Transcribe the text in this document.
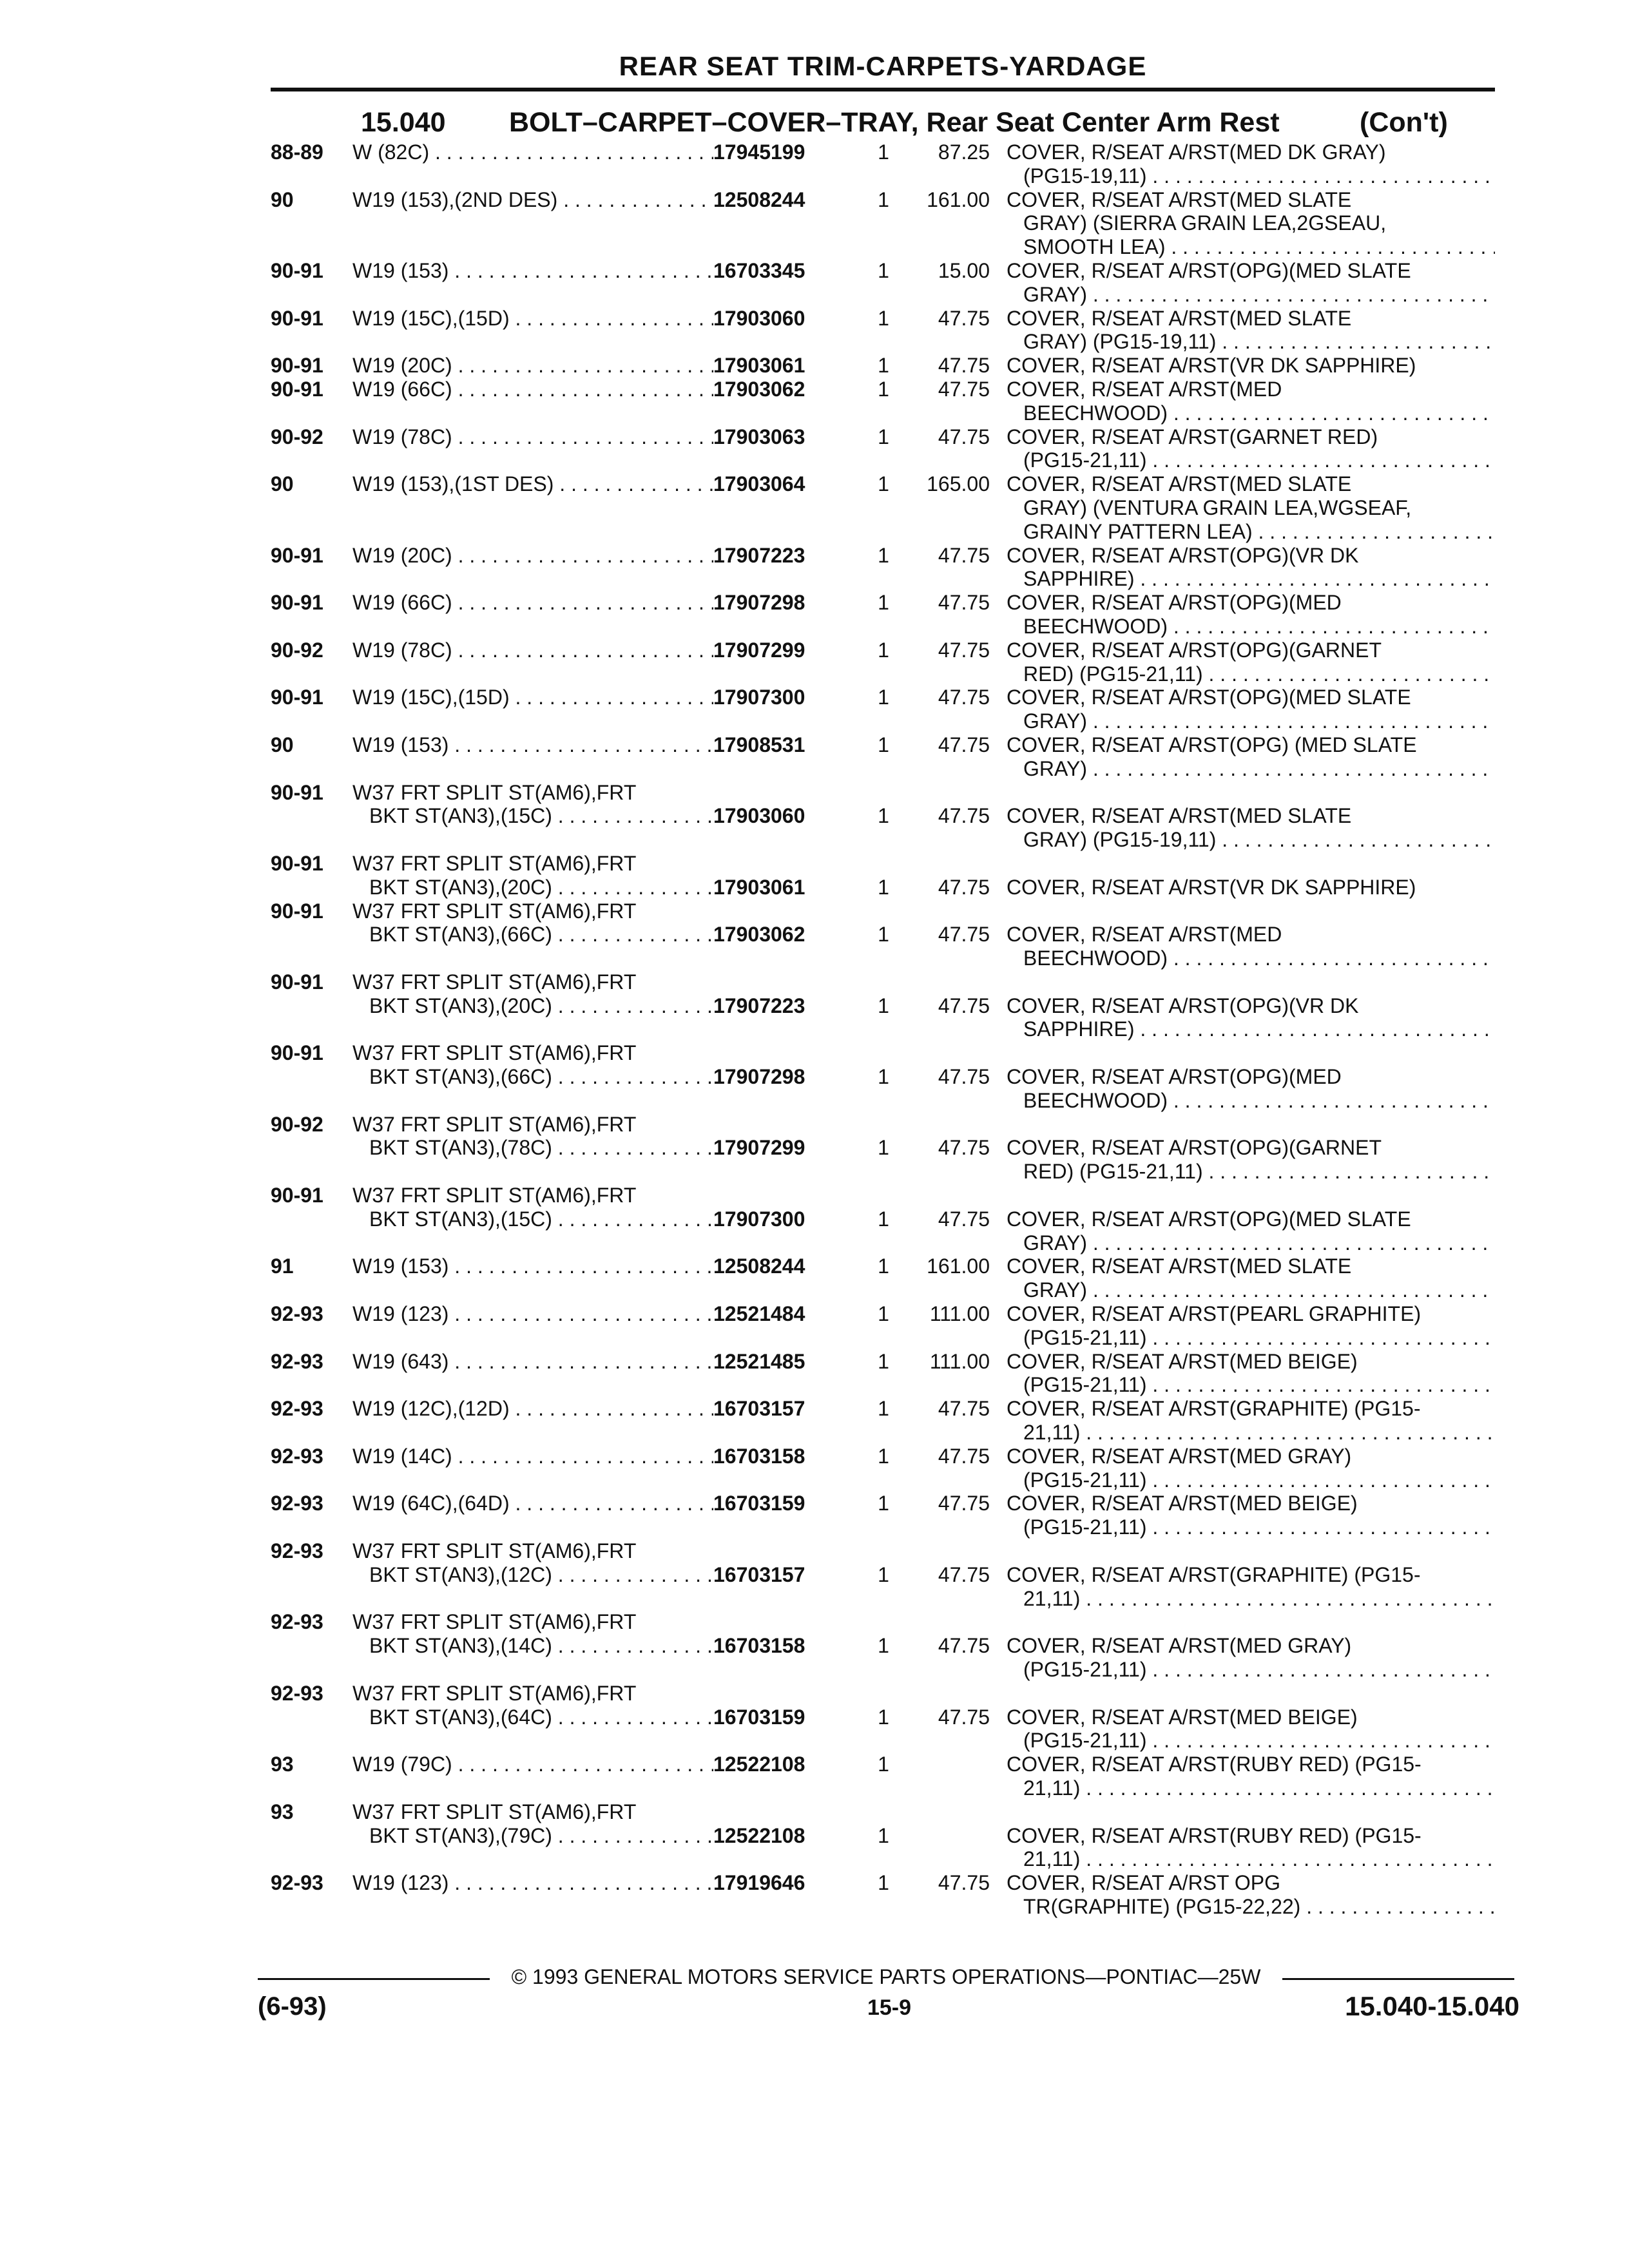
REAR SEAT TRIM-CARPETS-YARDAGE
15.040 BOLT–CARPET–COVER–TRAY, Rear Seat Center Arm Rest	(Con't)
88-89	W (82C) . . .	17945199	1	87.25 COVER, R/SEAT A/RST(MED DK GRAY)
(PG15-19,11) . . .
90	W19 (153),(2ND DES) . . .	12508244	1	161.00 COVER, R/SEAT A/RST(MED SLATE
GRAY) (SIERRA GRAIN LEA,2GSEAU,
SMOOTH LEA) . . .
90-91	W19 (153) . . .	16703345	1	15.00 COVER, R/SEAT A/RST(OPG)(MED SLATE
GRAY) . . .
90-91	W19 (15C),(15D) . . .	17903060	1	47.75 COVER, R/SEAT A/RST(MED SLATE
GRAY) (PG15-19,11) . . .
90-91	W19 (20C) . . .	17903061	1	47.75 COVER, R/SEAT A/RST(VR DK SAPPHIRE)
90-91	W19 (66C) . . .	17903062	1	47.75 COVER, R/SEAT A/RST(MED
BEECHWOOD) . . .
90-92	W19 (78C) . . .	17903063	1	47.75 COVER, R/SEAT A/RST(GARNET RED)
(PG15-21,11) . . .
90	W19 (153),(1ST DES) . . .	17903064	1	165.00 COVER, R/SEAT A/RST(MED SLATE
GRAY) (VENTURA GRAIN LEA,WGSEAF,
GRAINY PATTERN LEA) . . .
90-91	W19 (20C) . . .	17907223	1	47.75 COVER, R/SEAT A/RST(OPG)(VR DK
SAPPHIRE) . . .
90-91	W19 (66C) . . .	17907298	1	47.75 COVER, R/SEAT A/RST(OPG)(MED
BEECHWOOD) . . .
90-92	W19 (78C) . . .	17907299	1	47.75 COVER, R/SEAT A/RST(OPG)(GARNET
RED) (PG15-21,11) . . .
90-91	W19 (15C),(15D) . . .	17907300	1	47.75 COVER, R/SEAT A/RST(OPG)(MED SLATE
GRAY) . . .
90	W19 (153) . . .	17908531	1	47.75 COVER, R/SEAT A/RST(OPG) (MED SLATE
GRAY) . . .
90-91	W37 FRT SPLIT ST(AM6),FRT
BKT ST(AN3),(15C) . . .	17903060	1	47.75 COVER, R/SEAT A/RST(MED SLATE
GRAY) (PG15-19,11) . . .
90-91	W37 FRT SPLIT ST(AM6),FRT
BKT ST(AN3),(20C) . . .	17903061	1	47.75 COVER, R/SEAT A/RST(VR DK SAPPHIRE)
90-91	W37 FRT SPLIT ST(AM6),FRT
BKT ST(AN3),(66C) . . .	17903062	1	47.75 COVER, R/SEAT A/RST(MED
BEECHWOOD) . . .
90-91	W37 FRT SPLIT ST(AM6),FRT
BKT ST(AN3),(20C) . . .	17907223	1	47.75 COVER, R/SEAT A/RST(OPG)(VR DK
SAPPHIRE) . . .
90-91	W37 FRT SPLIT ST(AM6),FRT
BKT ST(AN3),(66C) . . .	17907298	1	47.75 COVER, R/SEAT A/RST(OPG)(MED
BEECHWOOD) . . .
90-92	W37 FRT SPLIT ST(AM6),FRT
BKT ST(AN3),(78C) . . .	17907299	1	47.75 COVER, R/SEAT A/RST(OPG)(GARNET
RED) (PG15-21,11) . . .
90-91	W37 FRT SPLIT ST(AM6),FRT
BKT ST(AN3),(15C) . . .	17907300	1	47.75 COVER, R/SEAT A/RST(OPG)(MED SLATE
GRAY) . . .
91	W19 (153) . . .	12508244	1	161.00 COVER, R/SEAT A/RST(MED SLATE
GRAY) . . .
92-93	W19 (123) . . .	12521484	1	111.00 COVER, R/SEAT A/RST(PEARL GRAPHITE)
(PG15-21,11) . . .
92-93	W19 (643) . . .	12521485	1	111.00 COVER, R/SEAT A/RST(MED BEIGE)
(PG15-21,11) . . .
92-93	W19 (12C),(12D) . . .	16703157	1	47.75 COVER, R/SEAT A/RST(GRAPHITE) (PG15-
21,11) . . .
92-93	W19 (14C) . . .	16703158	1	47.75 COVER, R/SEAT A/RST(MED GRAY)
(PG15-21,11) . . .
92-93	W19 (64C),(64D) . . .	16703159	1	47.75 COVER, R/SEAT A/RST(MED BEIGE)
(PG15-21,11) . . .
92-93	W37 FRT SPLIT ST(AM6),FRT
BKT ST(AN3),(12C) . . .	16703157	1	47.75 COVER, R/SEAT A/RST(GRAPHITE) (PG15-
21,11) . . .
92-93	W37 FRT SPLIT ST(AM6),FRT
BKT ST(AN3),(14C) . . .	16703158	1	47.75 COVER, R/SEAT A/RST(MED GRAY)
(PG15-21,11) . . .
92-93	W37 FRT SPLIT ST(AM6),FRT
BKT ST(AN3),(64C) . . .	16703159	1	47.75 COVER, R/SEAT A/RST(MED BEIGE)
(PG15-21,11) . . .
93	W19 (79C) . . .	12522108	1	COVER, R/SEAT A/RST(RUBY RED) (PG15-
21,11) . . .
93	W37 FRT SPLIT ST(AM6),FRT
BKT ST(AN3),(79C) . . .	12522108	1	COVER, R/SEAT A/RST(RUBY RED) (PG15-
21,11) . . .
92-93	W19 (123) . . .	17919646	1	47.75 COVER, R/SEAT A/RST OPG
TR(GRAPHITE) (PG15-22,22) . . .
© 1993 GENERAL MOTORS SERVICE PARTS OPERATIONS—PONTIAC—25W
(6-93)	15-9	15.040-15.040
